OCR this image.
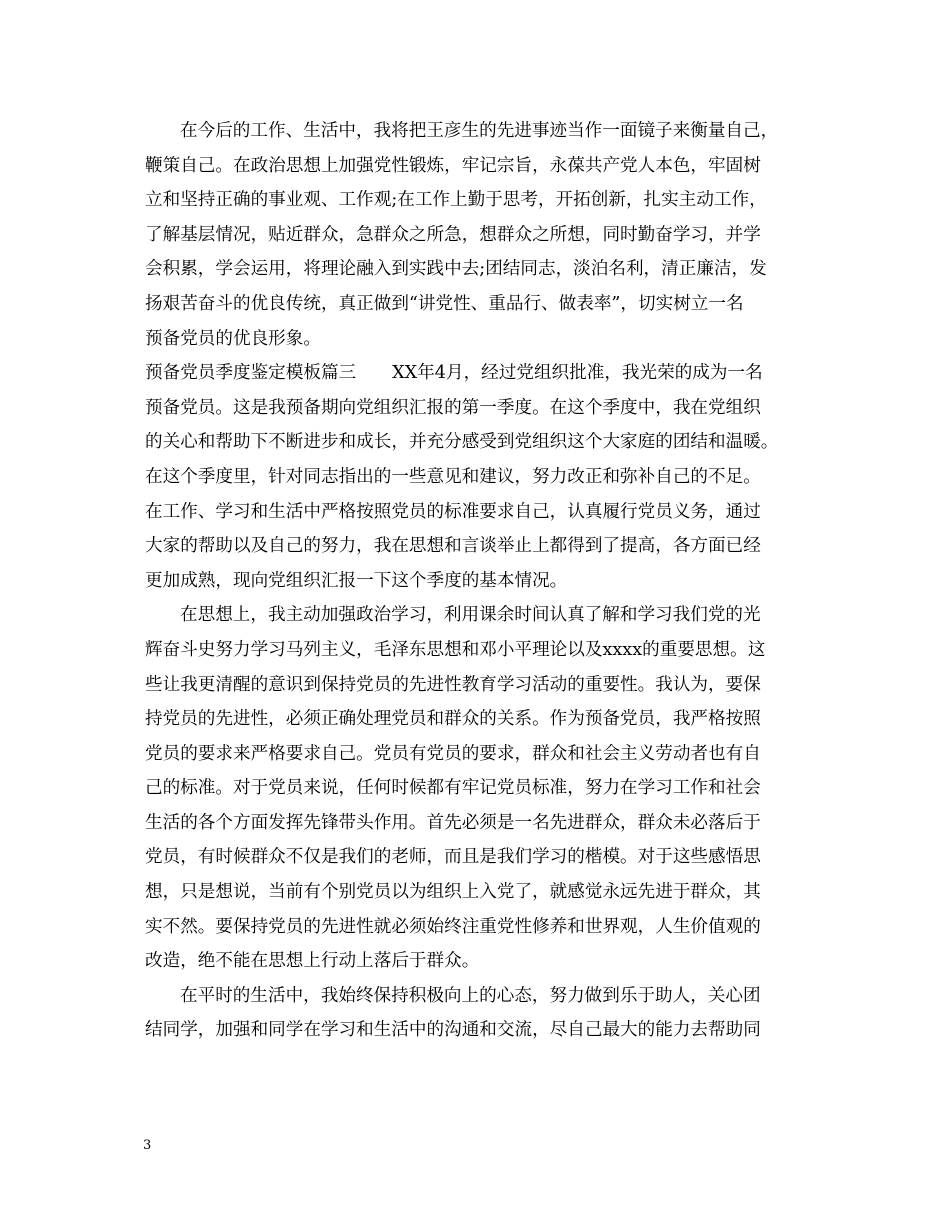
在今后的工作、生活中，我将把王彦生的先进事迹当作一面镜子来衡量自己，
鞭策自己。在政治思想上加强党性锻炼，牢记宗旨，永葆共产党人本色，牢固树
立和坚持正确的事业观、工作观;在工作上勤于思考，开拓创新，扎实主动工作，
了解基层情况，贴近群众，急群众之所急，想群众之所想，同时勤奋学习，并学
会积累，学会运用，将理论融入到实践中去;团结同志，淡泊名利，清正廉洁，发
扬艰苦奋斗的优良传统，真正做到“讲党性、重品行、做表率”，切实树立一名
预备党员的优良形象。
预备党员季度鉴定模板篇三 XX年4月，经过党组织批准，我光荣的成为一名
预备党员。这是我预备期向党组织汇报的第一季度。在这个季度中，我在党组织
的关心和帮助下不断进步和成长，并充分感受到党组织这个大家庭的团结和温暖。
在这个季度里，针对同志指出的一些意见和建议，努力改正和弥补自己的不足。
在工作、学习和生活中严格按照党员的标准要求自己，认真履行党员义务，通过
大家的帮助以及自己的努力，我在思想和言谈举止上都得到了提高，各方面已经
更加成熟，现向党组织汇报一下这个季度的基本情况。
在思想上，我主动加强政治学习，利用课余时间认真了解和学习我们党的光
辉奋斗史努力学习马列主义，毛泽东思想和邓小平理论以及xxxx的重要思想。这
些让我更清醒的意识到保持党员的先进性教育学习活动的重要性。我认为，要保
持党员的先进性，必须正确处理党员和群众的关系。作为预备党员，我严格按照
党员的要求来严格要求自己。党员有党员的要求，群众和社会主义劳动者也有自
己的标准。对于党员来说，任何时候都有牢记党员标准，努力在学习工作和社会
生活的各个方面发挥先锋带头作用。首先必须是一名先进群众，群众未必落后于
党员，有时候群众不仅是我们的老师，而且是我们学习的楷模。对于这些感悟思
想，只是想说，当前有个别党员以为组织上入党了，就感觉永远先进于群众，其
实不然。要保持党员的先进性就必须始终注重党性修养和世界观，人生价值观的
改造，绝不能在思想上行动上落后于群众。
在平时的生活中，我始终保持积极向上的心态，努力做到乐于助人，关心团
结同学，加强和同学在学习和生活中的沟通和交流，尽自己最大的能力去帮助同
3
